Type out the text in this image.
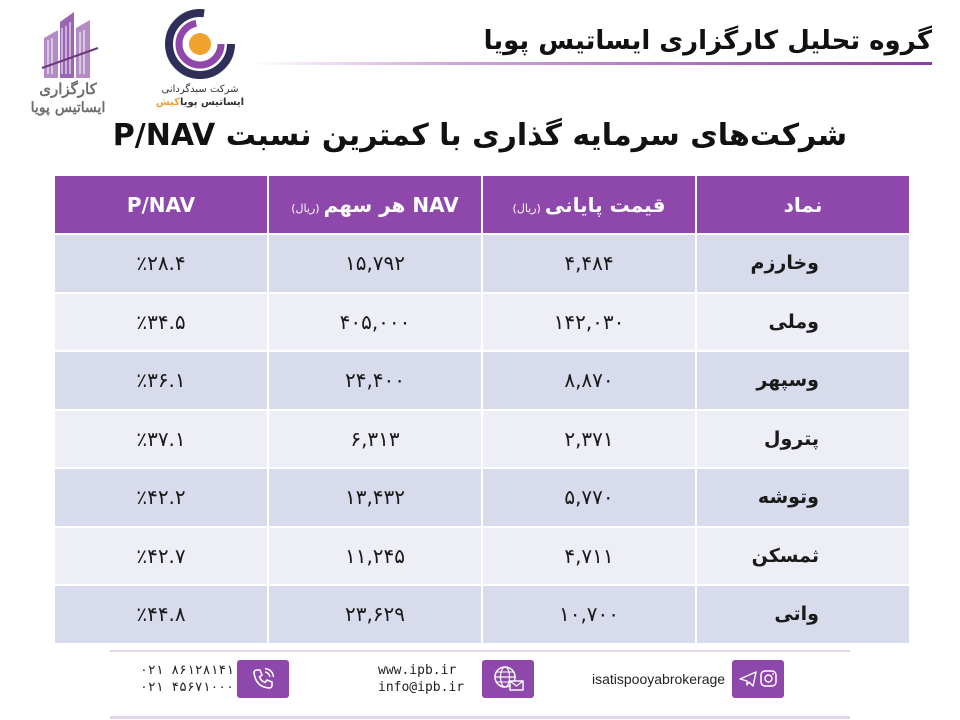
گروه تحلیل کارگزاری ایساتیس پویا
کارگزاری
ایساتیس پویا
شرکت سبدگردانی
ایساتیس پویاکیش
شرکت‌های سرمایه گذاری با کمترین نسبت P/NAV
نماد	قیمت پایانی(ریال)	NAV هر سهم(ریال)	P/NAV
وخارزم	۴,۴۸۴	۱۵,۷۹۲	٪۲۸.۴
وملی	۱۴۲,۰۳۰	۴۰۵,۰۰۰	٪۳۴.۵
وسپهر	۸,۸۷۰	۲۴,۴۰۰	٪۳۶.۱
پترول	۲,۳۷۱	۶,۳۱۳	٪۳۷.۱
وتوشه	۵,۷۷۰	۱۳,۴۳۲	٪۴۲.۲
ثمسکن	۴,۷۱۱	۱۱,۲۴۵	٪۴۲.۷
واتی	۱۰,۷۰۰	۲۳,۶۲۹	٪۴۴.۸
۰۲۱ ۸۶۱۲۸۱۴۱
۰۲۱ ۴۵۶۷۱۰۰۰
www.ipb.ir
info@ipb.ir
isatispooyabrokerage
